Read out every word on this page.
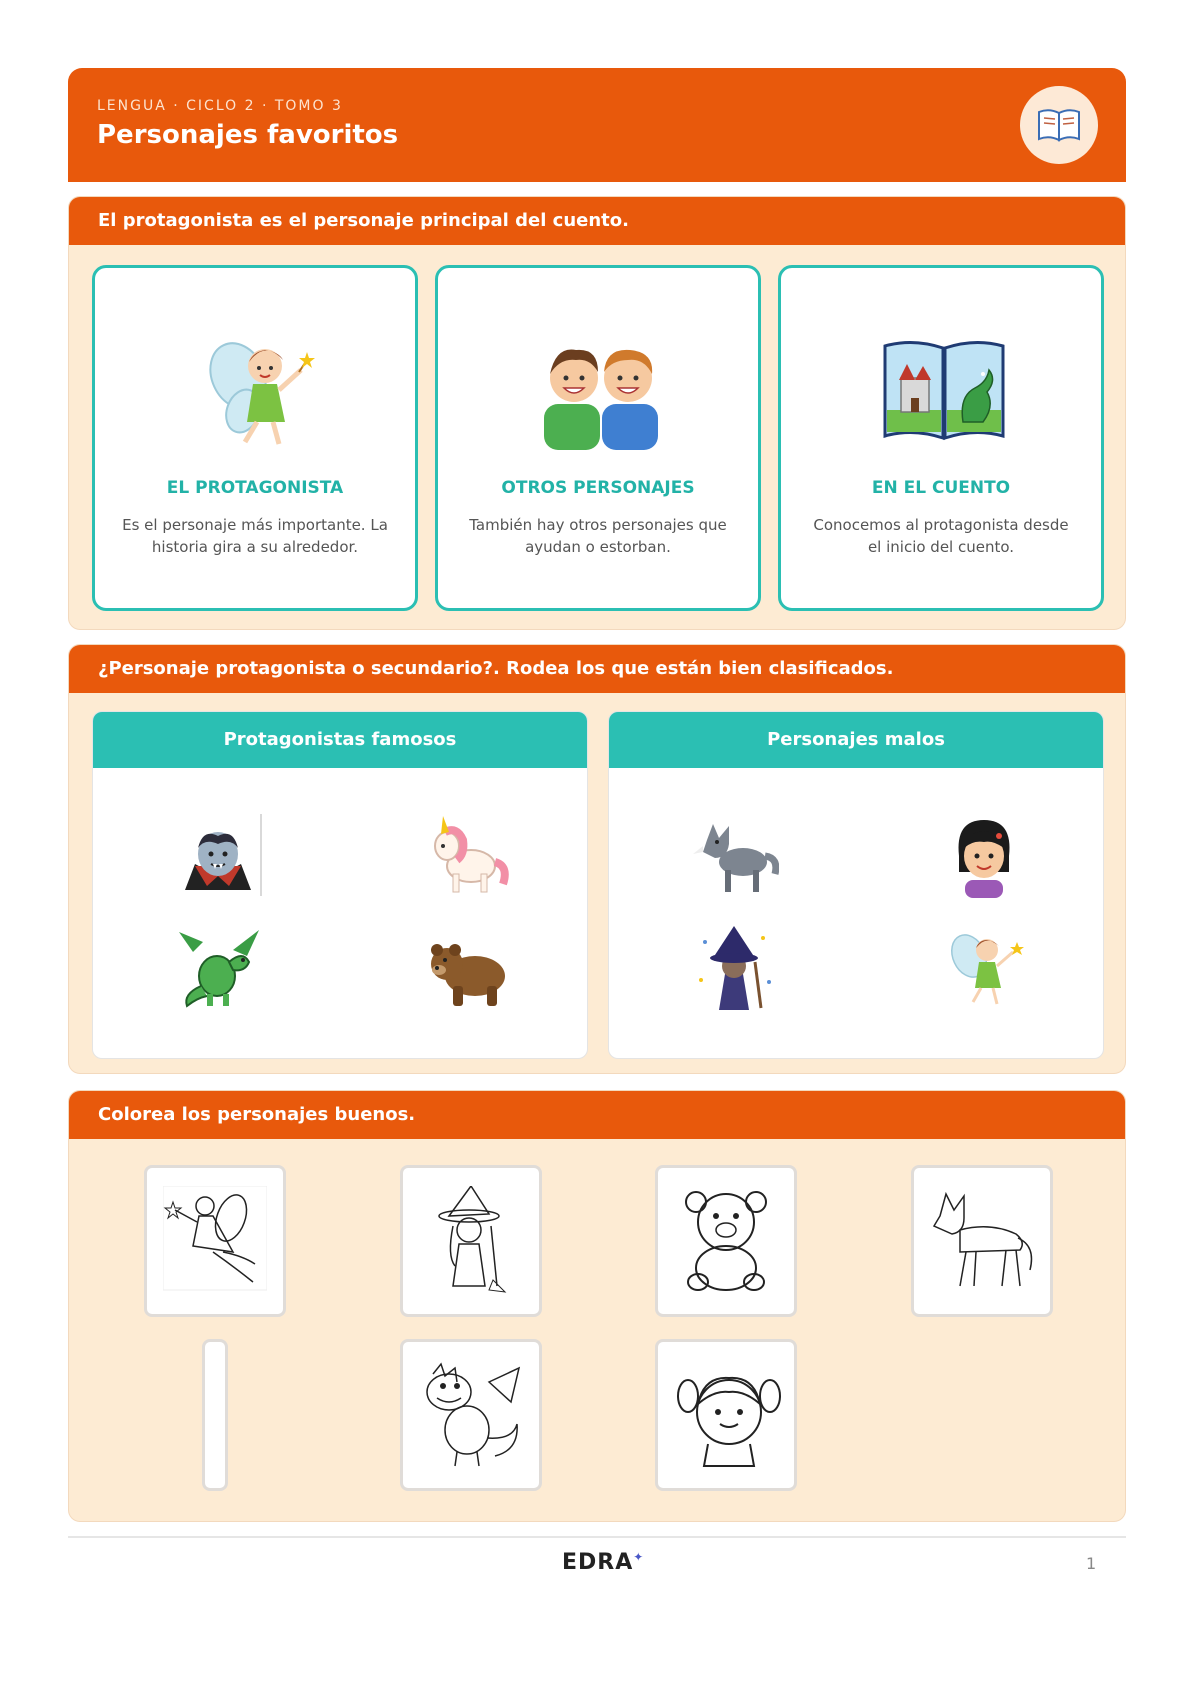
LENGUA · CICLO 2 · TOMO 3
Personajes favoritos
El protagonista es el personaje principal del cuento.
EL PROTAGONISTA
Es el personaje más importante. La historia gira a su alrededor.
OTROS PERSONAJES
También hay otros personajes que ayudan o estorban.
EN EL CUENTO
Conocemos al protagonista desde el inicio del cuento.
¿Personaje protagonista o secundario?. Rodea los que están bien clasificados.
Protagonistas famosos	Personajes malos
Colorea los personajes buenos.
EDRA✦	1
